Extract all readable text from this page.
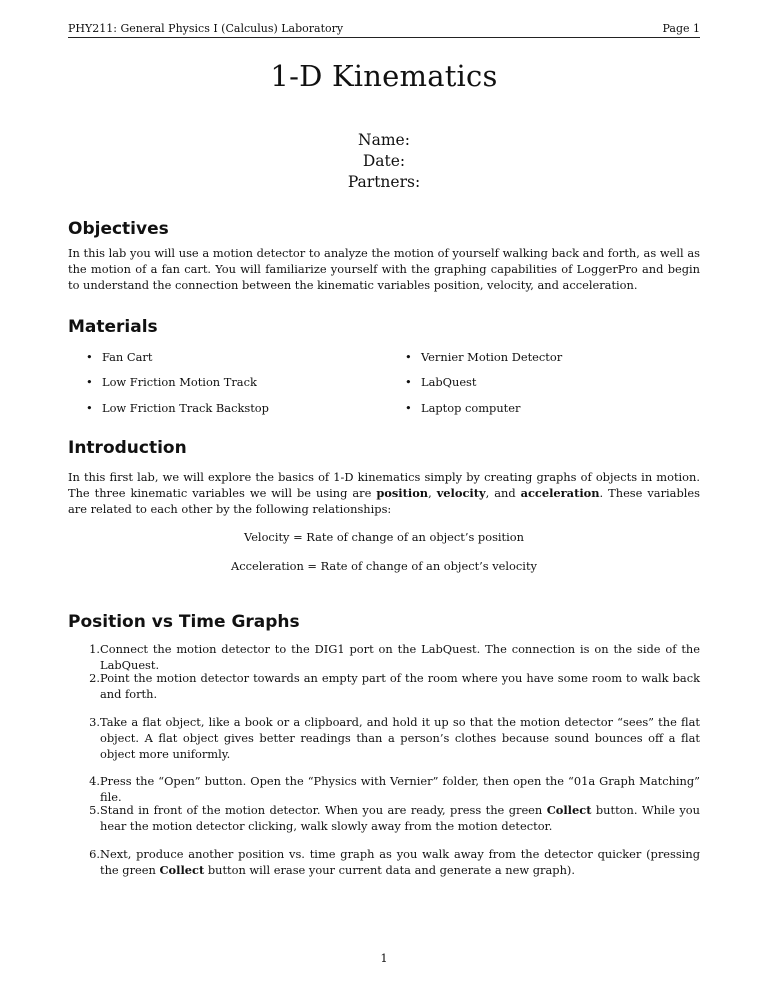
PHY211: General Physics I (Calculus) Laboratory	Page 1
1-D Kinematics
Name:
Date:
Partners:
Objectives
In this lab you will use a motion detector to analyze the motion of yourself walking back and forth, as well as the motion of a fan cart. You will familiarize yourself with the graphing capabilities of LoggerPro and begin to understand the connection between the kinematic variables position, velocity, and acceleration.
Materials
• Fan Cart
• Low Friction Motion Track
• Low Friction Track Backstop
• Vernier Motion Detector
• LabQuest
• Laptop computer
Introduction
In this first lab, we will explore the basics of 1-D kinematics simply by creating graphs of objects in motion. The three kinematic variables we will be using are position, velocity, and acceleration. These variables are related to each other by the following relationships:
Velocity = Rate of change of an object’s position
Acceleration = Rate of change of an object’s velocity
Position vs Time Graphs
1. Connect the motion detector to the DIG1 port on the LabQuest. The connection is on the side of the LabQuest.
2. Point the motion detector towards an empty part of the room where you have some room to walk back and forth.
3. Take a flat object, like a book or a clipboard, and hold it up so that the motion detector “sees” the flat object. A flat object gives better readings than a person’s clothes because sound bounces off a flat object more uniformly.
4. Press the “Open” button. Open the “Physics with Vernier” folder, then open the “01a Graph Matching” file.
5. Stand in front of the motion detector. When you are ready, press the green Collect button. While you hear the motion detector clicking, walk slowly away from the motion detector.
6. Next, produce another position vs. time graph as you walk away from the detector quicker (pressing the green Collect button will erase your current data and generate a new graph).
1
